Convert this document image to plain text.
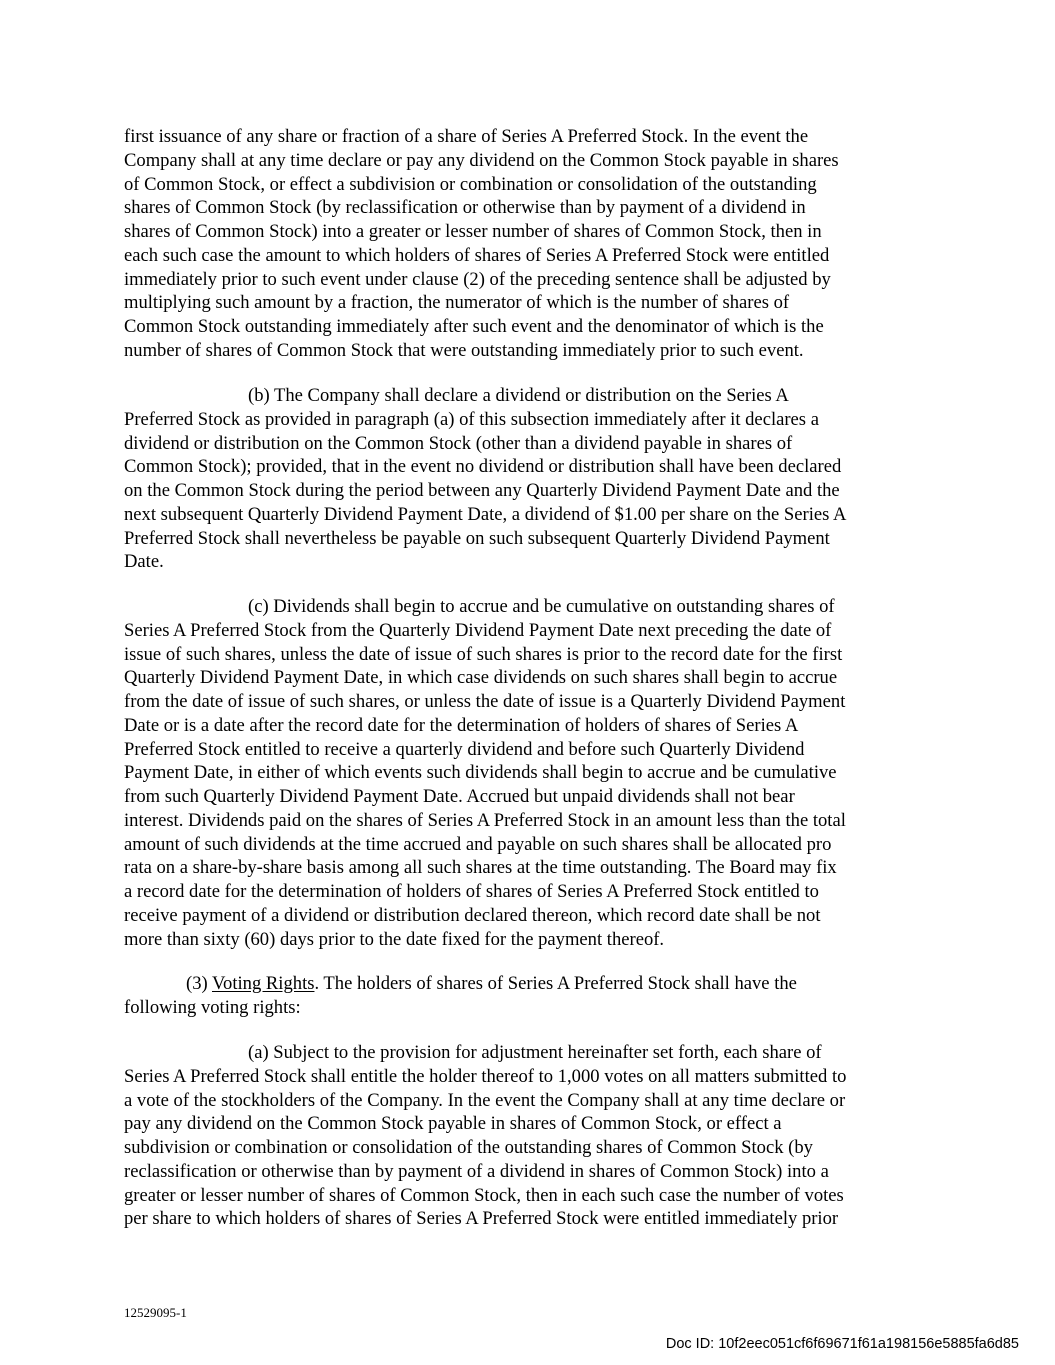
first issuance of any share or fraction of a share of Series A Preferred Stock. In the event the
Company shall at any time declare or pay any dividend on the Common Stock payable in shares
of Common Stock, or effect a subdivision or combination or consolidation of the outstanding
shares of Common Stock (by reclassification or otherwise than by payment of a dividend in
shares of Common Stock) into a greater or lesser number of shares of Common Stock, then in
each such case the amount to which holders of shares of Series A Preferred Stock were entitled
immediately prior to such event under clause (2) of the preceding sentence shall be adjusted by
multiplying such amount by a fraction, the numerator of which is the number of shares of
Common Stock outstanding immediately after such event and the denominator of which is the
number of shares of Common Stock that were outstanding immediately prior to such event.
(b) The Company shall declare a dividend or distribution on the Series A
Preferred Stock as provided in paragraph (a) of this subsection immediately after it declares a
dividend or distribution on the Common Stock (other than a dividend payable in shares of
Common Stock); provided, that in the event no dividend or distribution shall have been declared
on the Common Stock during the period between any Quarterly Dividend Payment Date and the
next subsequent Quarterly Dividend Payment Date, a dividend of $1.00 per share on the Series A
Preferred Stock shall nevertheless be payable on such subsequent Quarterly Dividend Payment
Date.
(c) Dividends shall begin to accrue and be cumulative on outstanding shares of
Series A Preferred Stock from the Quarterly Dividend Payment Date next preceding the date of
issue of such shares, unless the date of issue of such shares is prior to the record date for the first
Quarterly Dividend Payment Date, in which case dividends on such shares shall begin to accrue
from the date of issue of such shares, or unless the date of issue is a Quarterly Dividend Payment
Date or is a date after the record date for the determination of holders of shares of Series A
Preferred Stock entitled to receive a quarterly dividend and before such Quarterly Dividend
Payment Date, in either of which events such dividends shall begin to accrue and be cumulative
from such Quarterly Dividend Payment Date. Accrued but unpaid dividends shall not bear
interest. Dividends paid on the shares of Series A Preferred Stock in an amount less than the total
amount of such dividends at the time accrued and payable on such shares shall be allocated pro
rata on a share-by-share basis among all such shares at the time outstanding. The Board may fix
a record date for the determination of holders of shares of Series A Preferred Stock entitled to
receive payment of a dividend or distribution declared thereon, which record date shall be not
more than sixty (60) days prior to the date fixed for the payment thereof.
(3) Voting Rights. The holders of shares of Series A Preferred Stock shall have the
following voting rights:
(a) Subject to the provision for adjustment hereinafter set forth, each share of
Series A Preferred Stock shall entitle the holder thereof to 1,000 votes on all matters submitted to
a vote of the stockholders of the Company. In the event the Company shall at any time declare or
pay any dividend on the Common Stock payable in shares of Common Stock, or effect a
subdivision or combination or consolidation of the outstanding shares of Common Stock (by
reclassification or otherwise than by payment of a dividend in shares of Common Stock) into a
greater or lesser number of shares of Common Stock, then in each such case the number of votes
per share to which holders of shares of Series A Preferred Stock were entitled immediately prior
12529095-1
Doc ID: 10f2eec051cf6f69671f61a198156e5885fa6d85
